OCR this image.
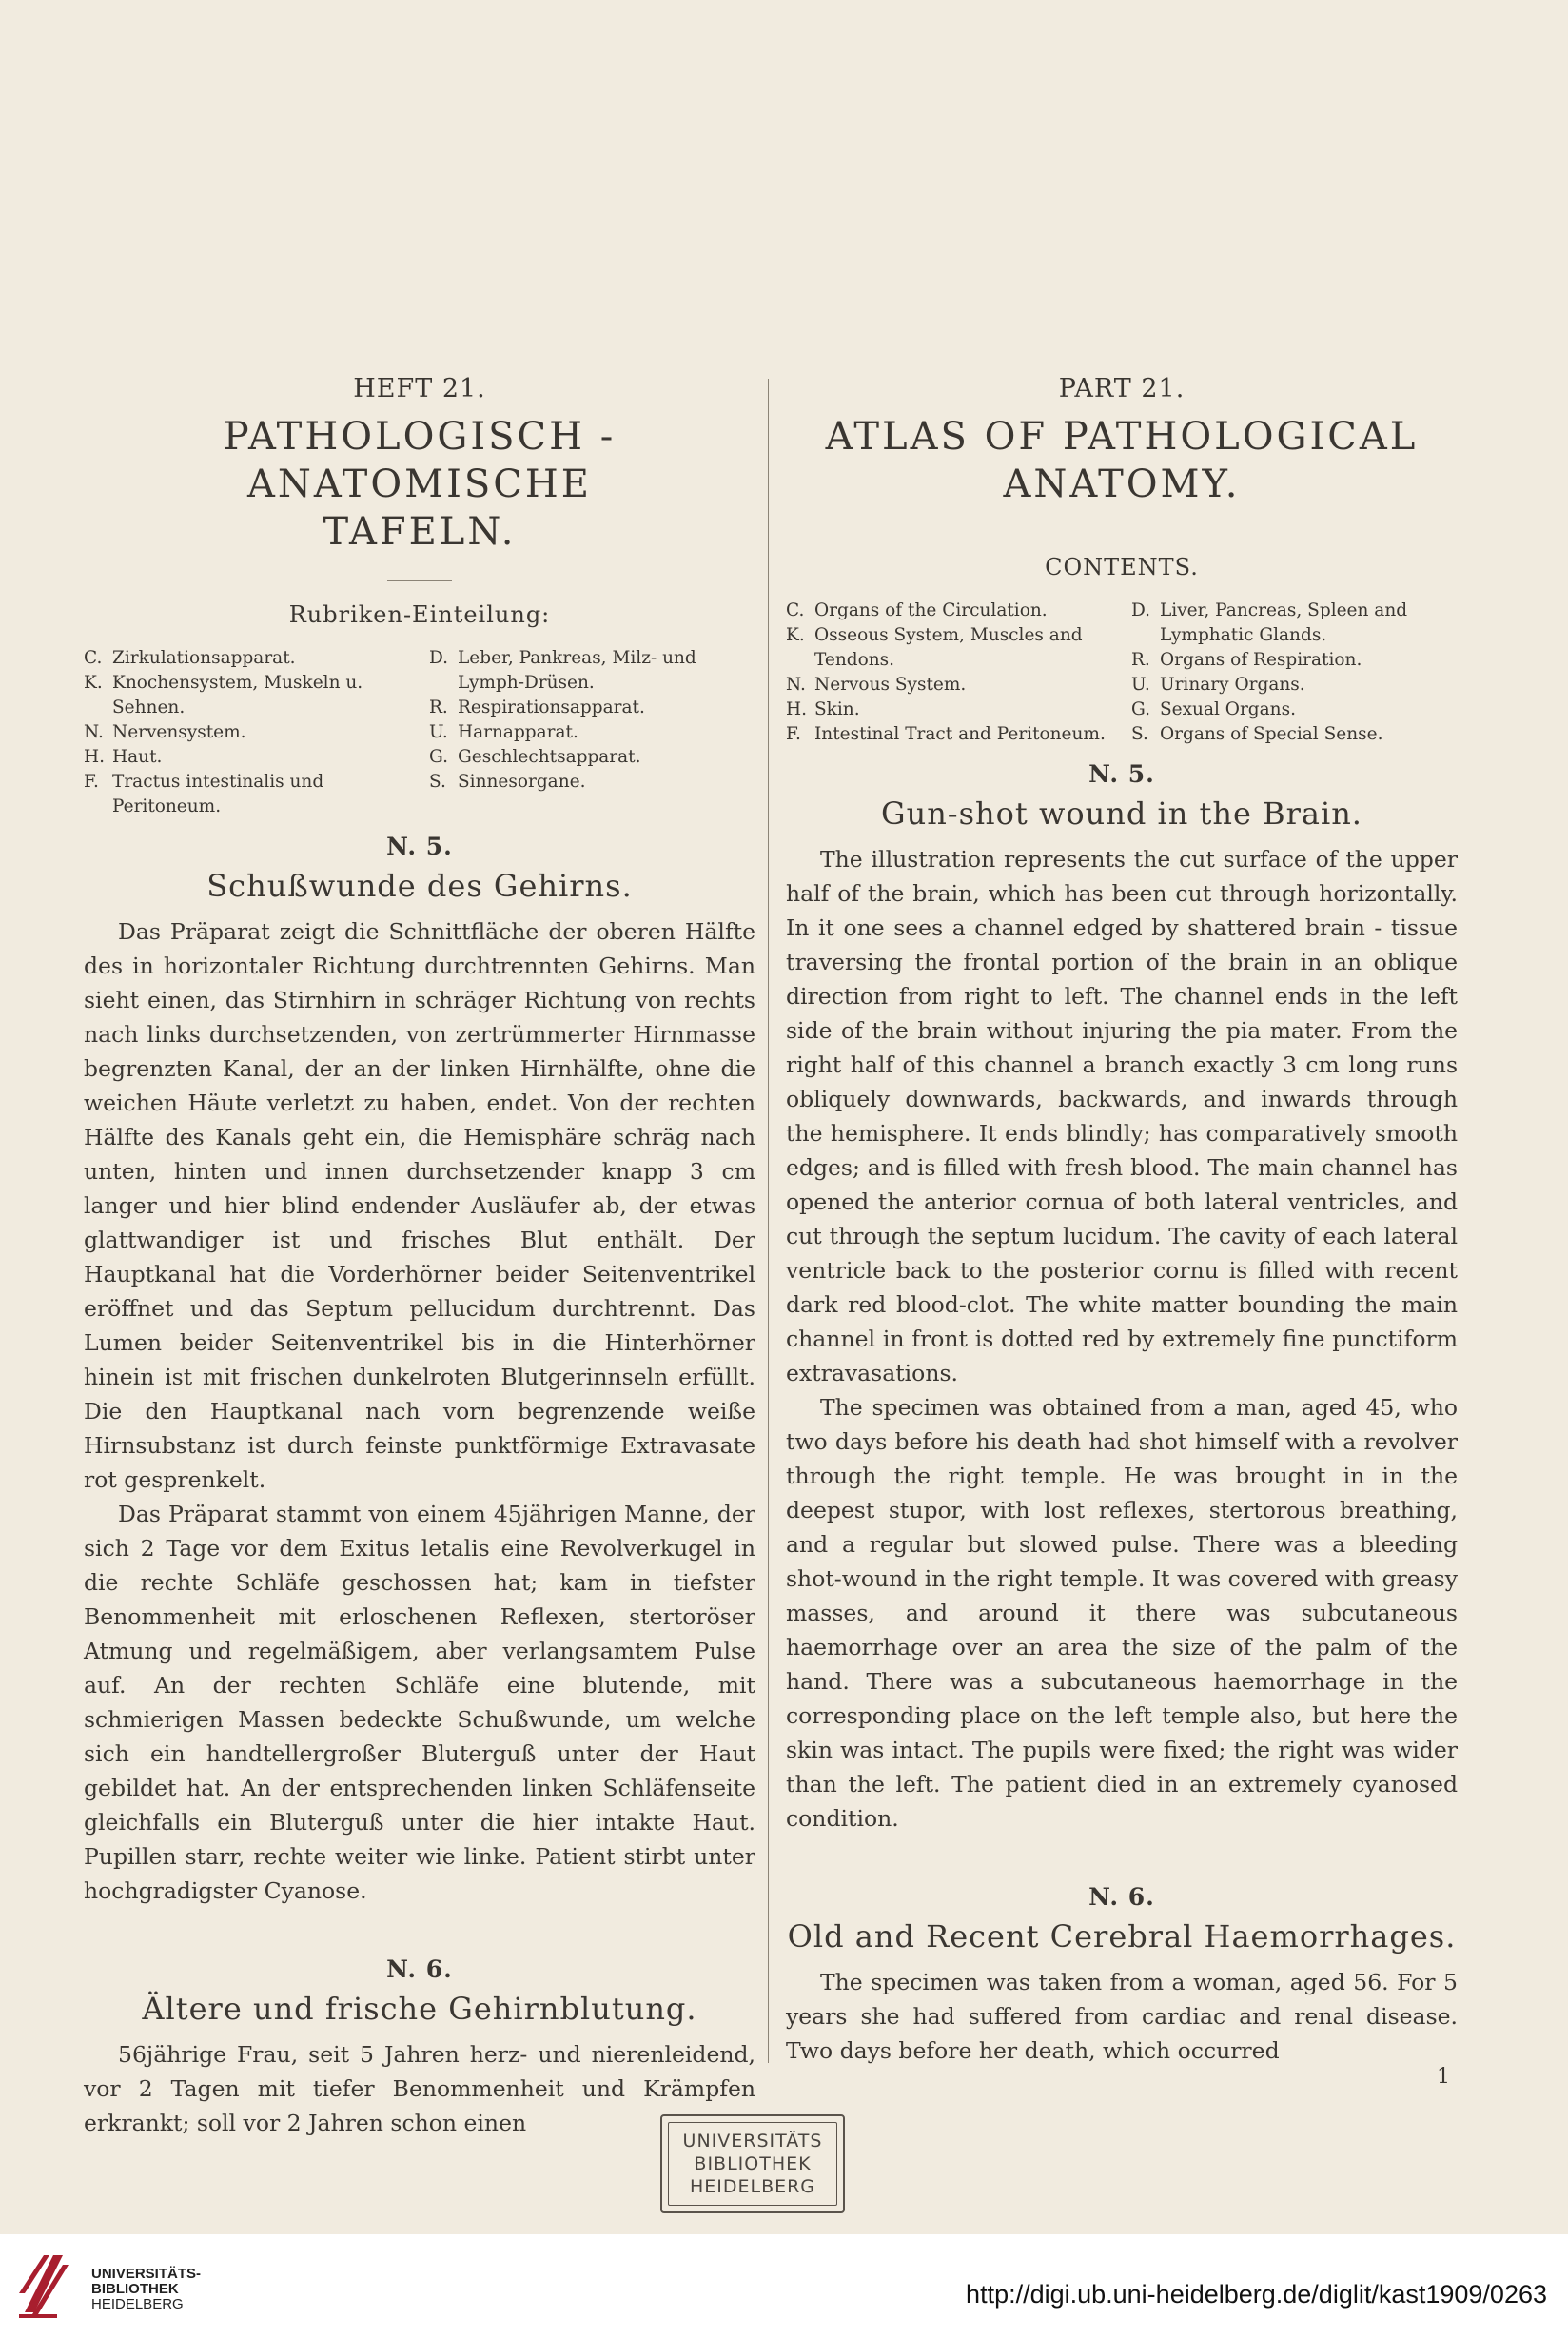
HEFT 21.
PATHOLOGISCH - ANATOMISCHE
TAFELN.
Rubriken-Einteilung:
C. Zirkulationsapparat.
K. Knochensystem, Muskeln u. Sehnen.
N. Nervensystem.
H. Haut.
F. Tractus intestinalis und Peritoneum.
D. Leber, Pankreas, Milz- und Lymph-Drüsen.
R. Respirationsapparat.
U. Harnapparat.
G. Geschlechtsapparat.
S. Sinnesorgane.
N. 5.
Schußwunde des Gehirns.

Das Präparat zeigt die Schnittfläche der oberen Hälfte des in horizontaler Richtung durchtrennten Gehirns. Man sieht einen, das Stirnhirn in schräger Richtung von rechts nach links durchsetzenden, von zertrümmerter Hirnmasse begrenzten Kanal, der an der linken Hirnhälfte, ohne die weichen Häute verletzt zu haben, endet. Von der rechten Hälfte des Kanals geht ein, die Hemisphäre schräg nach unten, hinten und innen durchsetzender knapp 3 cm langer und hier blind endender Ausläufer ab, der etwas glattwandiger ist und frisches Blut enthält. Der Hauptkanal hat die Vorderhörner beider Seitenventrikel eröffnet und das Septum pellucidum durchtrennt. Das Lumen beider Seitenventrikel bis in die Hinterhörner hinein ist mit frischen dunkelroten Blutgerinnseln erfüllt. Die den Hauptkanal nach vorn begrenzende weiße Hirnsubstanz ist durch feinste punktförmige Extravasate rot gesprenkelt.

Das Präparat stammt von einem 45jährigen Manne, der sich 2 Tage vor dem Exitus letalis eine Revolverkugel in die rechte Schläfe geschossen hat; kam in tiefster Benommenheit mit erloschenen Reflexen, stertoröser Atmung und regelmäßigem, aber verlangsamtem Pulse auf. An der rechten Schläfe eine blutende, mit schmierigen Massen bedeckte Schußwunde, um welche sich ein handtellergroßer Bluterguß unter der Haut gebildet hat. An der entsprechenden linken Schläfenseite gleichfalls ein Bluterguß unter die hier intakte Haut. Pupillen starr, rechte weiter wie linke. Patient stirbt unter hochgradigster Cyanose.

N. 6.
Ältere und frische Gehirnblutung.

56jährige Frau, seit 5 Jahren herz- und nierenleidend, vor 2 Tagen mit tiefer Benommenheit und Krämpfen erkrankt; soll vor 2 Jahren schon einen

PART 21.
ATLAS OF PATHOLOGICAL
ANATOMY.
CONTENTS.
C. Organs of the Circulation.
K. Osseous System, Muscles and Tendons.
N. Nervous System.
H. Skin.
F. Intestinal Tract and Peritoneum.
D. Liver, Pancreas, Spleen and Lymphatic Glands.
R. Organs of Respiration.
U. Urinary Organs.
G. Sexual Organs.
S. Organs of Special Sense.
N. 5.
Gun-shot wound in the Brain.

The illustration represents the cut surface of the upper half of the brain, which has been cut through horizontally. In it one sees a channel edged by shattered brain - tissue traversing the frontal portion of the brain in an oblique direction from right to left. The channel ends in the left side of the brain without injuring the pia mater. From the right half of this channel a branch exactly 3 cm long runs obliquely downwards, backwards, and inwards through the hemisphere. It ends blindly; has comparatively smooth edges; and is filled with fresh blood. The main channel has opened the anterior cornua of both lateral ventricles, and cut through the septum lucidum. The cavity of each lateral ventricle back to the posterior cornu is filled with recent dark red blood-clot. The white matter bounding the main channel in front is dotted red by extremely fine punctiform extravasations.

The specimen was obtained from a man, aged 45, who two days before his death had shot himself with a revolver through the right temple. He was brought in in the deepest stupor, with lost reflexes, stertorous breathing, and a regular but slowed pulse. There was a bleeding shot-wound in the right temple. It was covered with greasy masses, and around it there was subcutaneous haemorrhage over an area the size of the palm of the hand. There was a subcutaneous haemorrhage in the corresponding place on the left temple also, but here the skin was intact. The pupils were fixed; the right was wider than the left. The patient died in an extremely cyanosed condition.

N. 6.
Old and Recent Cerebral Haemorrhages.

The specimen was taken from a woman, aged 56. For 5 years she had suffered from cardiac and renal disease. Two days before her death, which occurred

1
UNIVERSITÄTS
BIBLIOTHEK
HEIDELBERG
UNIVERSITÄTS-
BIBLIOTHEK
HEIDELBERG	http://digi.ub.uni-heidelberg.de/diglit/kast1909/0263
